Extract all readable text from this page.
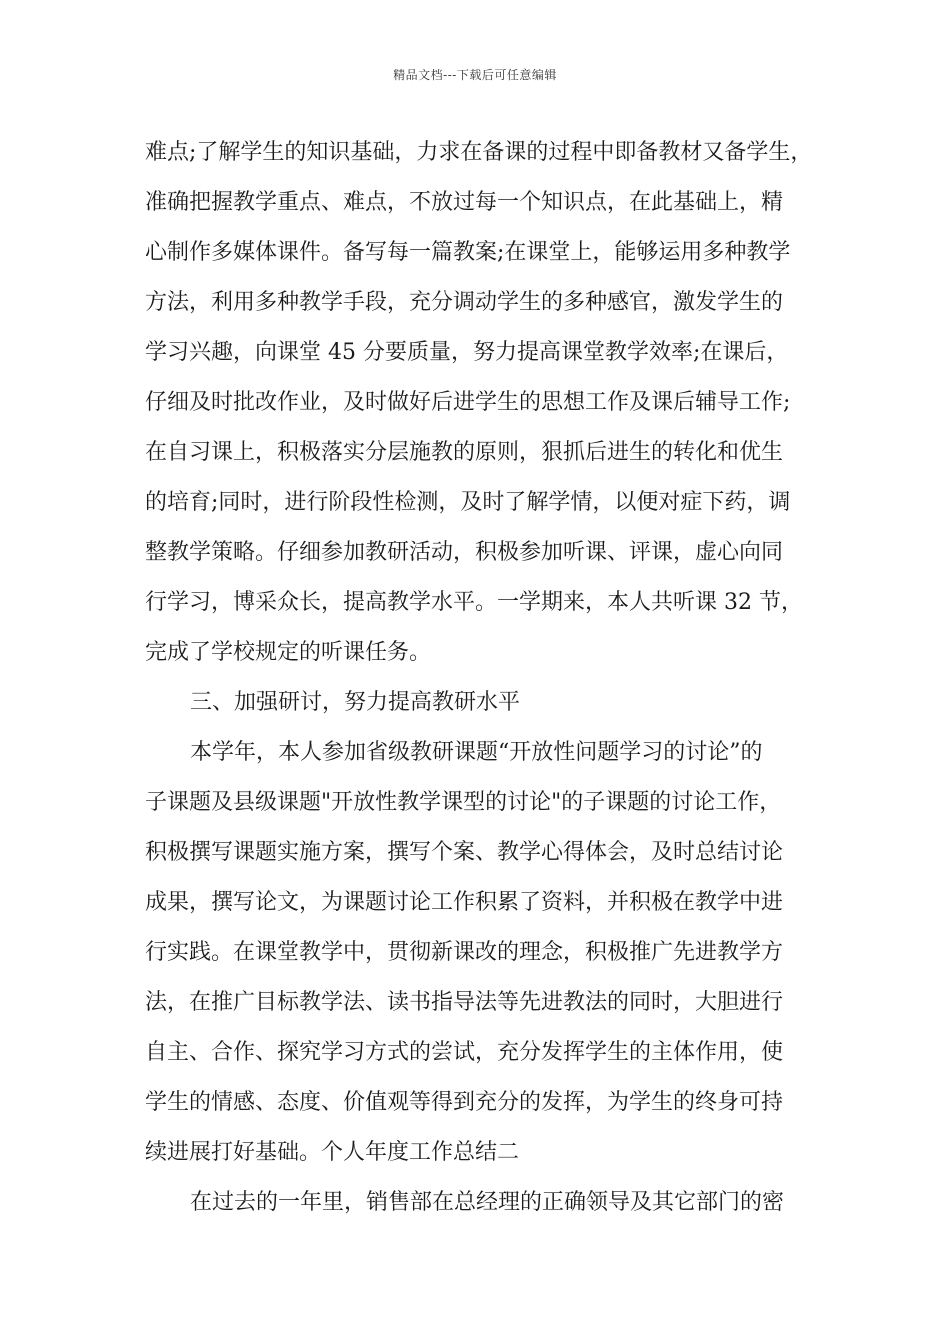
精品文档---下载后可任意编辑
难点;了解学生的知识基础，力求在备课的过程中即备教材又备学生，
准确把握教学重点、难点，不放过每一个知识点，在此基础上，精
心制作多媒体课件。备写每一篇教案;在课堂上，能够运用多种教学
方法，利用多种教学手段，充分调动学生的多种感官，激发学生的
学习兴趣，向课堂 45 分要质量，努力提高课堂教学效率;在课后，
仔细及时批改作业，及时做好后进学生的思想工作及课后辅导工作;
在自习课上，积极落实分层施教的原则，狠抓后进生的转化和优生
的培育;同时，进行阶段性检测，及时了解学情，以便对症下药，调
整教学策略。仔细参加教研活动，积极参加听课、评课，虚心向同
行学习，博采众长，提高教学水平。一学期来，本人共听课 32 节，
完成了学校规定的听课任务。
三、加强研讨，努力提高教研水平
本学年，本人参加省级教研课题“开放性问题学习的讨论”的
子课题及县级课题"开放性教学课型的讨论"的子课题的讨论工作，
积极撰写课题实施方案，撰写个案、教学心得体会，及时总结讨论
成果，撰写论文，为课题讨论工作积累了资料，并积极在教学中进
行实践。在课堂教学中，贯彻新课改的理念，积极推广先进教学方
法，在推广目标教学法、读书指导法等先进教法的同时，大胆进行
自主、合作、探究学习方式的尝试，充分发挥学生的主体作用，使
学生的情感、态度、价值观等得到充分的发挥，为学生的终身可持
续进展打好基础。个人年度工作总结二
在过去的一年里，销售部在总经理的正确领导及其它部门的密
